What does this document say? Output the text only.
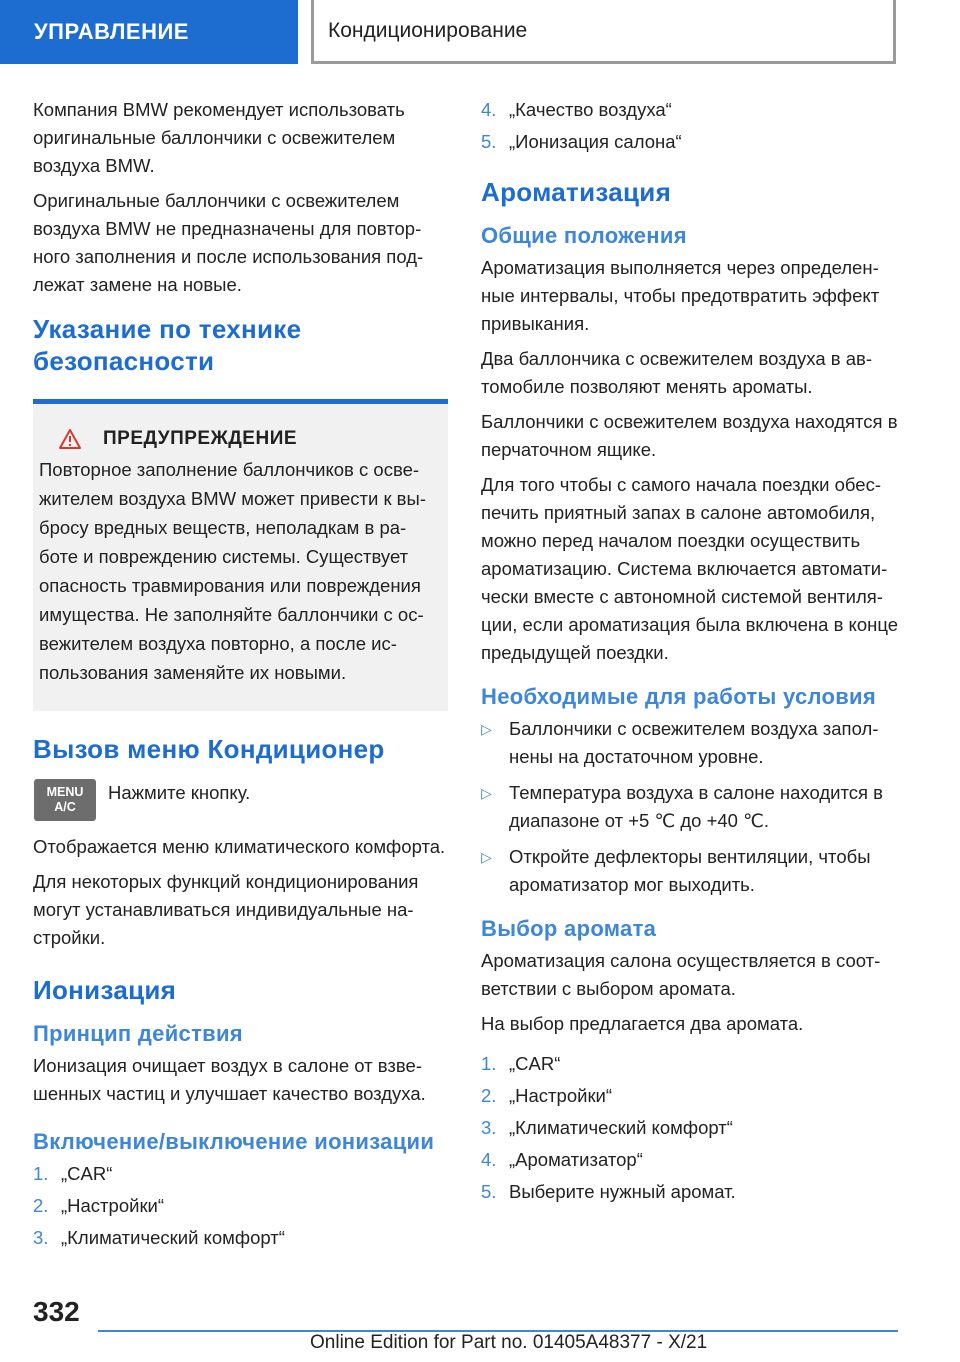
УПРАВЛЕНИЕ	Кондиционирование

Компания BMW рекомендует использовать оригинальные баллончики с освежителем воздуха BMW.

Оригинальные баллончики с освежителем воздуха BMW не предназначены для повторного заполнения и после использования подлежат замене на новые.

Указание по технике безопасности
ПРЕДУПРЕЖДЕНИЕ
Повторное заполнение баллончиков с освежителем воздуха BMW может привести к выбросу вредных веществ, неполадкам в работе и повреждению системы. Существует опасность травмирования или повреждения имущества. Не заполняйте баллончики с освежителем воздуха повторно, а после использования заменяйте их новыми.
Вызов меню Кондиционер
MENU
A/C
Нажмите кнопку.

Отображается меню климатического комфорта.

Для некоторых функций кондиционирования могут устанавливаться индивидуальные настройки.

Ионизация
Принцип действия

Ионизация очищает воздух в салоне от взвешенных частиц и улучшает качество воздуха.

Включение/выключение ионизации
1. „CAR“
2. „Настройки“
3. „Климатический комфорт“
4. „Качество воздуха“
5. „Ионизация салона“
Ароматизация
Общие положения

Ароматизация выполняется через определенные интервалы, чтобы предотвратить эффект привыкания.

Два баллончика с освежителем воздуха в автомобиле позволяют менять ароматы.

Баллончики с освежителем воздуха находятся в перчаточном ящике.

Для того чтобы с самого начала поездки обеспечить приятный запах в салоне автомобиля, можно перед началом поездки осуществить ароматизацию. Система включается автоматически вместе с автономной системой вентиляции, если ароматизация была включена в конце предыдущей поездки.

Необходимые для работы условия
▷ Баллончики с освежителем воздуха заполнены на достаточном уровне.
▷ Температура воздуха в салоне находится в диапазоне от +5 ℃ до +40 ℃.
▷ Откройте дефлекторы вентиляции, чтобы ароматизатор мог выходить.
Выбор аромата

Ароматизация салона осуществляется в соответствии с выбором аромата.

На выбор предлагается два аромата.

1. „CAR“
2. „Настройки“
3. „Климатический комфорт“
4. „Ароматизатор“
5. Выберите нужный аромат.
332
Online Edition for Part no. 01405A48377 - X/21
